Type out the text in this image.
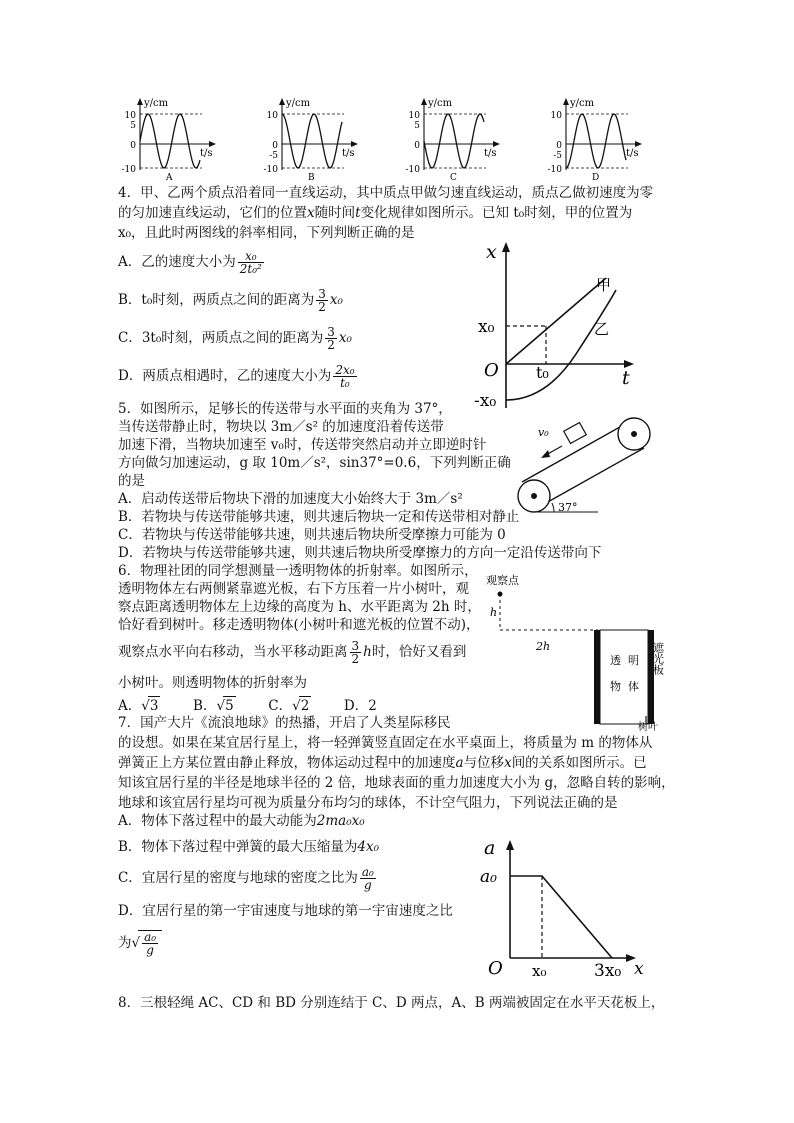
y/cm
t/s
10
5
0
-10
A
y/cm
t/s
10
0
-5
-10
B
y/cm
t/s
10
5
0
-10
C
y/cm
t/s
10
0
-5
-10
D
4．甲、乙两个质点沿着同一直线运动，其中质点甲做匀速直线运动，质点乙做初速度为零
的匀加速直线运动，它们的位置x随时间t变化规律如图所示。已知 t₀时刻，甲的位置为
x₀，且此时两图线的斜率相同，下列判断正确的是
A．乙的速度大小为 $\frac{\text{x₀}}{\text{2t₀²}}$
B．t₀时刻，两质点之间的距离为 $\frac{3}{2} x_0$
C．3t₀时刻，两质点之间的距离为 $\frac{3}{2} x_0$
D．两质点相遇时，乙的速度大小为 $\frac{\text{2x₀}}{\text{t₀}}$
x
t
O
x₀
-x₀
t₀
甲
乙
5．如图所示，足够长的传送带与水平面的夹角为 37°，
当传送带静止时，物块以 3m／s² 的加速度沿着传送带
加速下滑，当物块加速至 v₀时，传送带突然启动并立即逆时针
方向做匀加速运动，g 取 10m／s²，sin37°=0.6，下列判断正确
的是
A．启动传送带后物块下滑的加速度大小始终大于 3m／s²
B．若物块与传送带能够共速，则共速后物块一定和传送带相对静止
C．若物块与传送带能够共速，则共速后物块所受摩擦力可能为 0
D．若物块与传送带能够共速，则共速后物块所受摩擦力的方向一定沿传送带向下
37°
v₀
6．物理社团的同学想测量一透明物体的折射率。如图所示，
透明物体左右两侧紧靠遮光板，右下方压着一片小树叶，观
察点距离透明物体左上边缘的高度为 h、水平距离为 2h 时，
恰好看到树叶。移走透明物体(小树叶和遮光板的位置不动)，
观察点水平向右移动，当水平移动距离 $\frac{3}{2}$ h时，恰好又看到
小树叶。则透明物体的折射率为
A．√3	B．√5	C．√2	D．2
观察点
h
2h
透 明
物 体
遮光板
树叶
7．国产大片《流浪地球》的热播，开启了人类星际移民
的设想。如果在某宜居行星上，将一轻弹簧竖直固定在水平桌面上，将质量为 m 的物体从
弹簧正上方某位置由静止释放，物体运动过程中的加速度a与位移x间的关系如图所示。已
知该宜居行星的半径是地球半径的 2 倍，地球表面的重力加速度大小为 g，忽略自转的影响，
地球和该宜居行星均可视为质量分布均匀的球体，不计空气阻力，下列说法正确的是
A．物体下落过程中的最大动能为2ma₀x₀
B．物体下落过程中弹簧的最大压缩量为4x₀
C．宜居行星的密度与地球的密度之比为 $\frac{\text{a₀}}{g}$
D．宜居行星的第一宇宙速度与地球的第一宇宙速度之比
为√ $\frac{\text{a₀}}{g}$
a
a₀
O x₀	3x₀ x
8．三根轻绳 AC、CD 和 BD 分别连结于 C、D 两点，A、B 两端被固定在水平天花板上，
